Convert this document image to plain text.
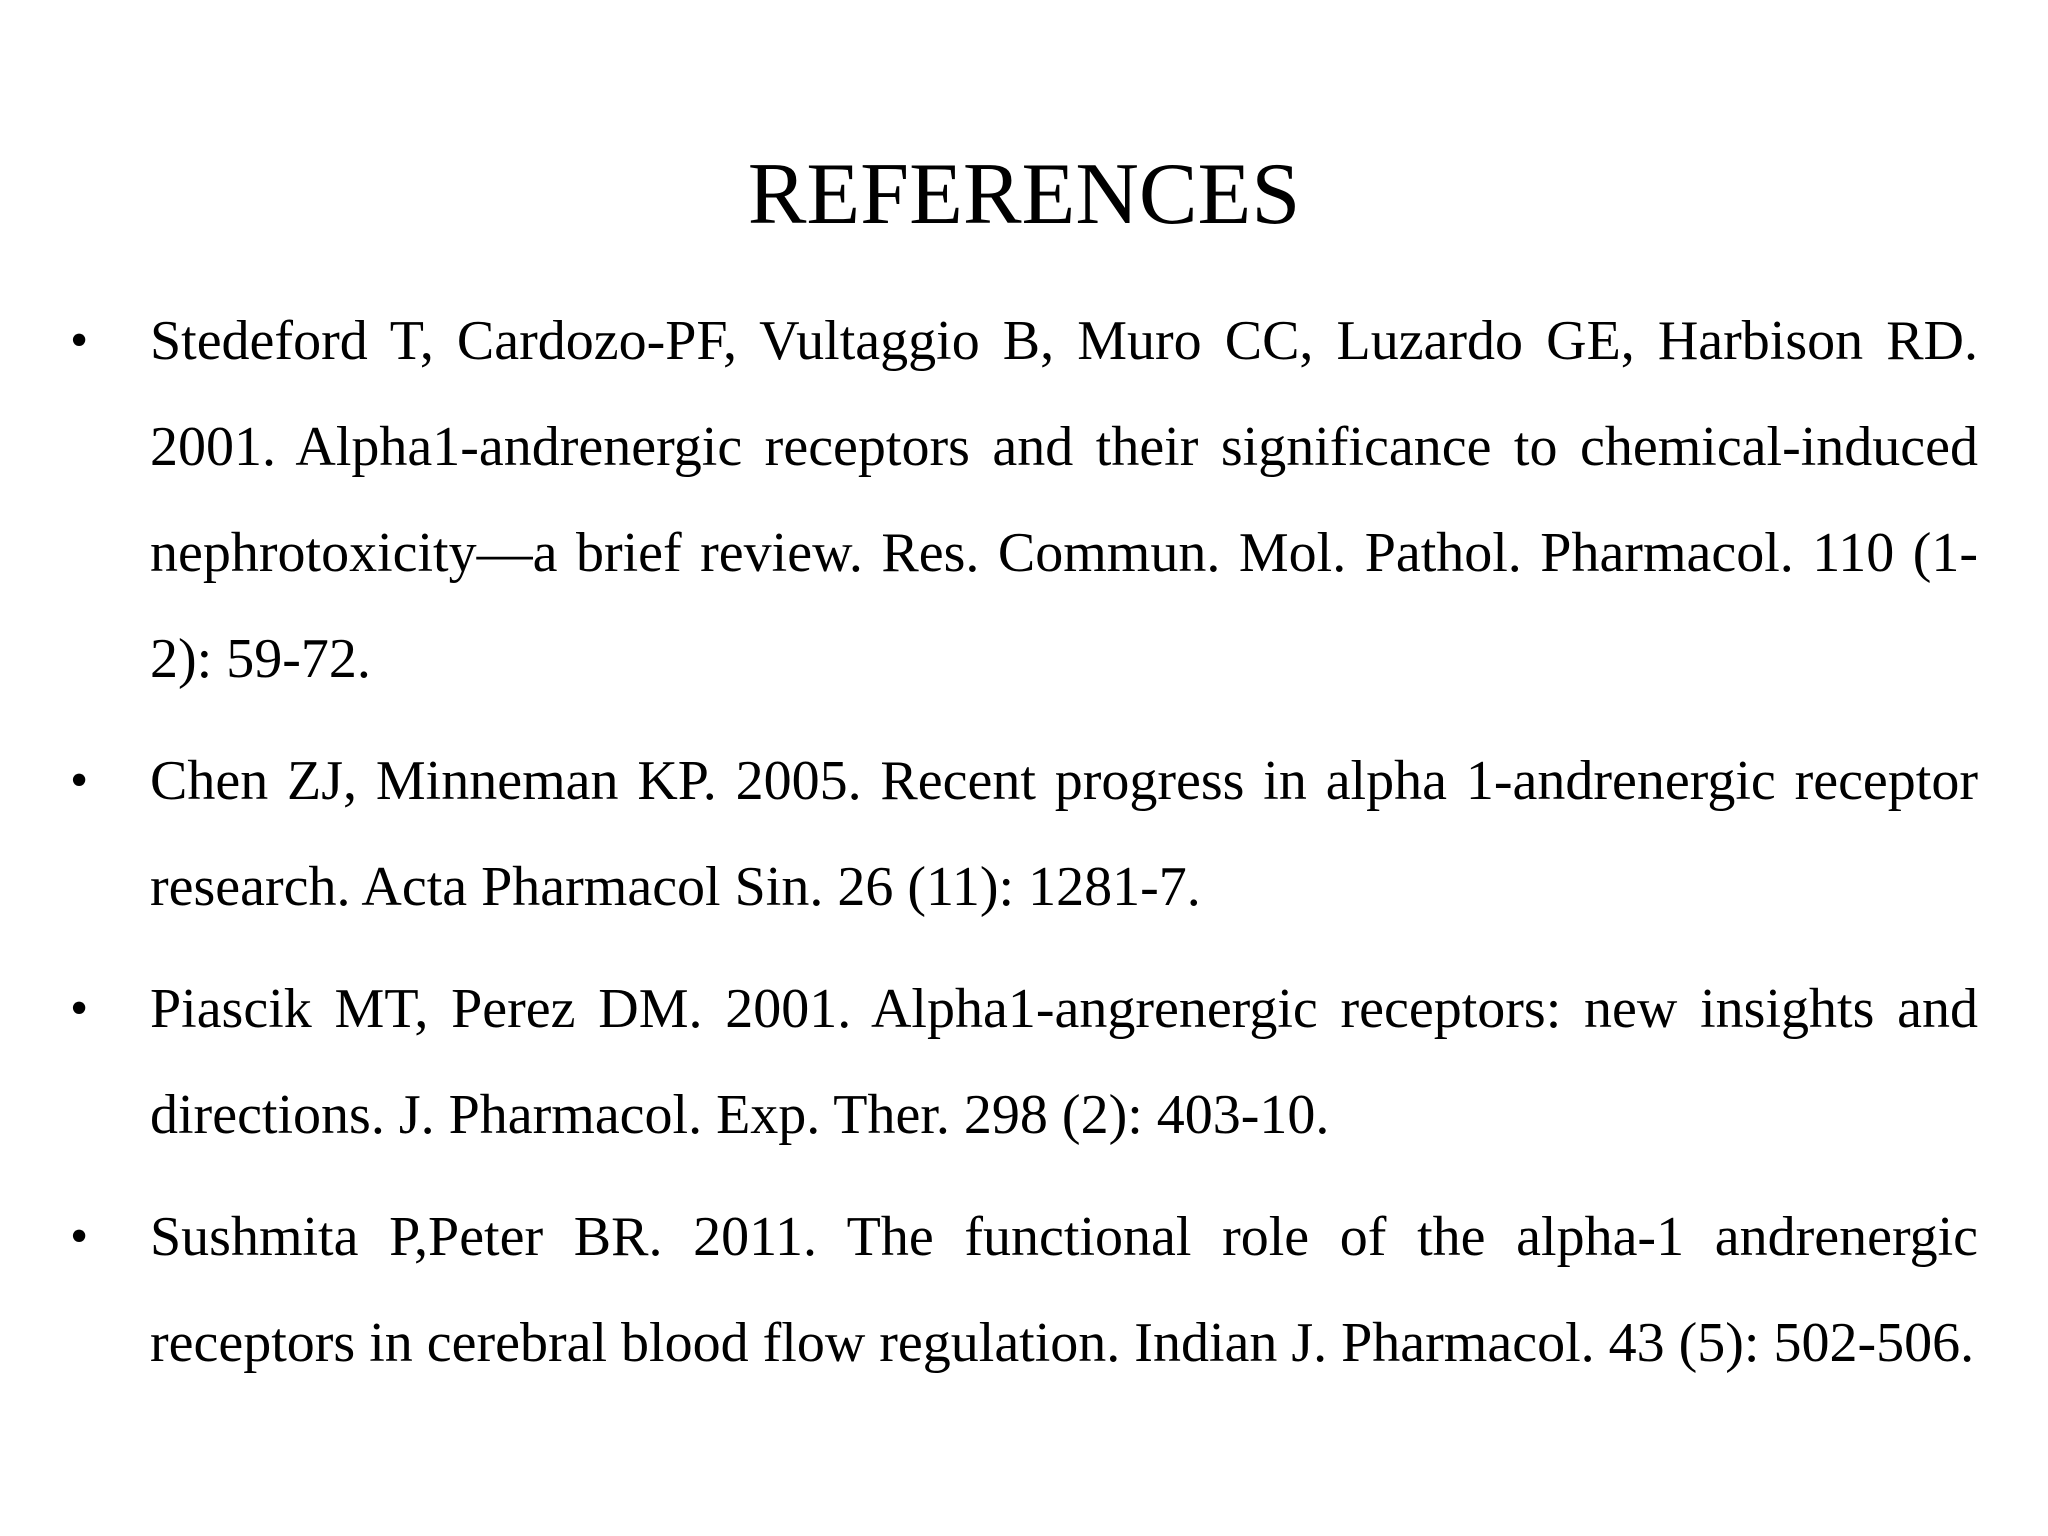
REFERENCES
•	Stedeford T, Cardozo-PF, Vultaggio B, Muro CC, Luzardo GE, Harbison RD. 2001. Alpha1-andrenergic receptors and their significance to chemical-induced nephrotoxicity—a brief review. Res. Commun. Mol. Pathol. Pharmacol. 110 (1-2): 59-72.
•	Chen ZJ, Minneman KP. 2005. Recent progress in alpha 1-andrenergic receptor research. Acta Pharmacol Sin. 26 (11): 1281-7.
•	Piascik MT, Perez DM. 2001. Alpha1-angrenergic receptors: new insights and directions. J. Pharmacol. Exp. Ther. 298 (2): 403-10.
•	Sushmita P,Peter BR. 2011. The functional role of the alpha-1 andrenergic receptors in cerebral blood flow regulation. Indian J. Pharmacol. 43 (5): 502-506.
